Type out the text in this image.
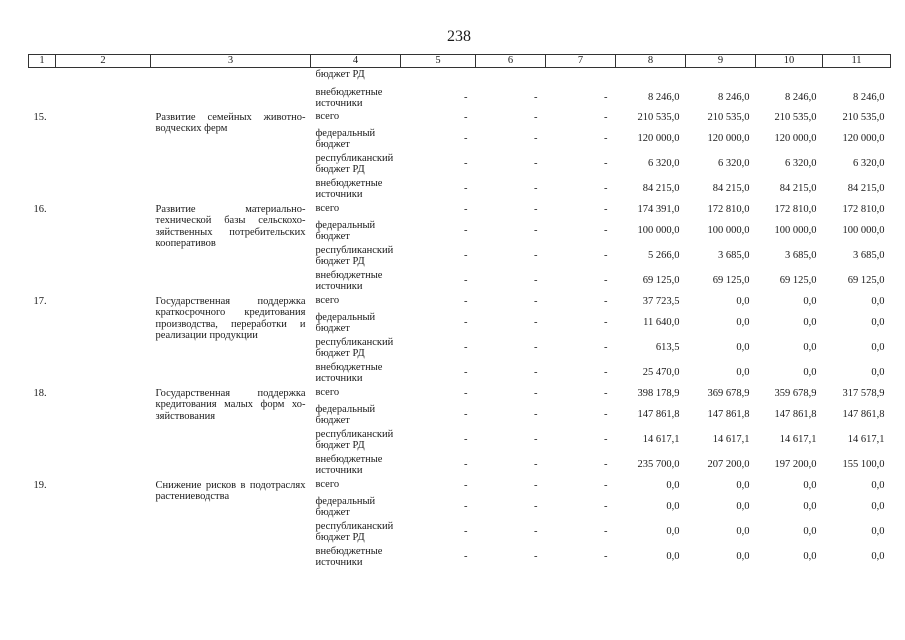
238
1	2	3	4	5	6	7	8	9	10	11
			бюджет РД							
			внебюджетные источники	-	-	-	8 246,0	8 246,0	8 246,0	8 246,0
15.		Развитие семейных животноводческих ферм	всего	-	-	-	210 535,0	210 535,0	210 535,0	210 535,0
			федеральный бюджет	-	-	-	120 000,0	120 000,0	120 000,0	120 000,0
			республиканский бюджет РД	-	-	-	6 320,0	6 320,0	6 320,0	6 320,0
			внебюджетные источники	-	-	-	84 215,0	84 215,0	84 215,0	84 215,0
16.		Развитие материально-технической базы сельскохозяйственных потребительских кооперативов	всего	-	-	-	174 391,0	172 810,0	172 810,0	172 810,0
			федеральный бюджет	-	-	-	100 000,0	100 000,0	100 000,0	100 000,0
			республиканский бюджет РД	-	-	-	5 266,0	3 685,0	3 685,0	3 685,0
			внебюджетные источники	-	-	-	69 125,0	69 125,0	69 125,0	69 125,0
17.		Государственная поддержка краткосрочного кредитования производства, переработки и реализации продукции	всего	-	-	-	37 723,5	0,0	0,0	0,0
			федеральный бюджет	-	-	-	11 640,0	0,0	0,0	0,0
			республиканский бюджет РД	-	-	-	613,5	0,0	0,0	0,0
			внебюджетные источники	-	-	-	25 470,0	0,0	0,0	0,0
18.		Государственная поддержка кредитования малых форм хозяйствования	всего	-	-	-	398 178,9	369 678,9	359 678,9	317 578,9
			федеральный бюджет	-	-	-	147 861,8	147 861,8	147 861,8	147 861,8
			республиканский бюджет РД	-	-	-	14 617,1	14 617,1	14 617,1	14 617,1
			внебюджетные источники	-	-	-	235 700,0	207 200,0	197 200,0	155 100,0
19.		Снижение рисков в подотраслях растениеводства	всего	-	-	-	0,0	0,0	0,0	0,0
			федеральный бюджет	-	-	-	0,0	0,0	0,0	0,0
			республиканский бюджет РД	-	-	-	0,0	0,0	0,0	0,0
			внебюджетные источники	-	-	-	0,0	0,0	0,0	0,0
